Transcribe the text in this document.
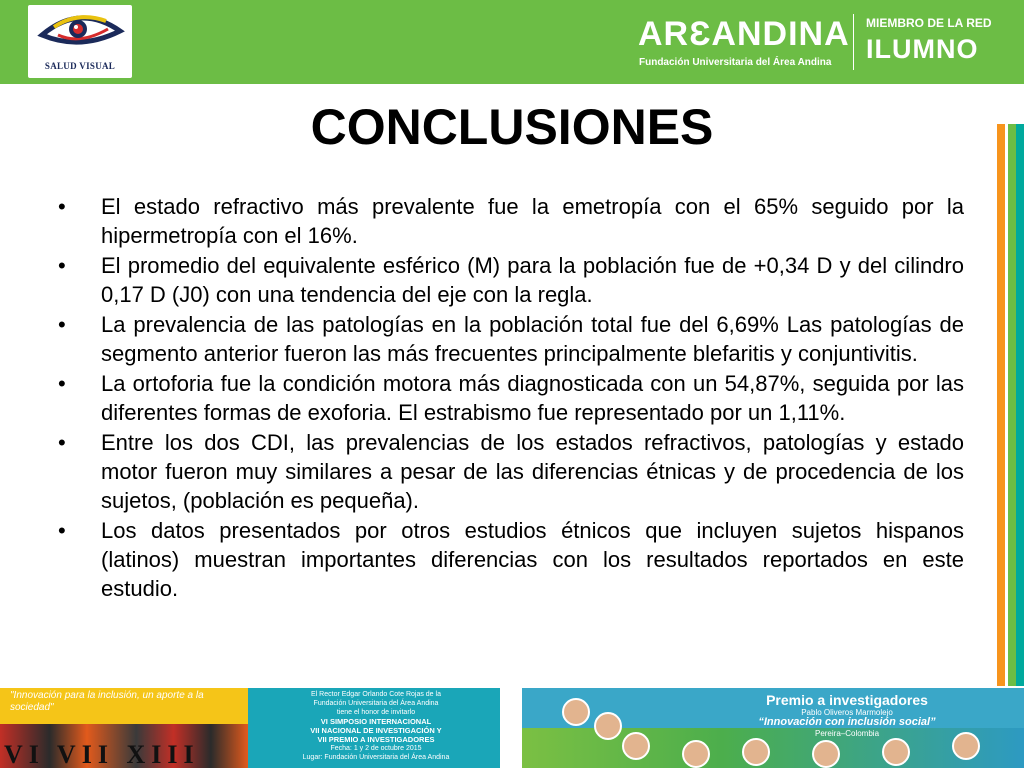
SALUD VISUAL
ARƐANDINA
Fundación Universitaria del Área Andina
MIEMBRO DE LA RED
ILUMNO
CONCLUSIONES
• El estado refractivo más prevalente fue la emetropía con el 65% seguido por la hipermetropía con el 16%.
• El promedio del equivalente esférico (M) para la población fue de +0,34 D y del cilindro 0,17 D (J0) con una tendencia del eje con la regla.
• La prevalencia de las patologías en la población total fue del 6,69% Las patologías de segmento anterior fueron las más frecuentes principalmente blefaritis y conjuntivitis.
• La ortoforia fue la condición motora más diagnosticada con un 54,87%, seguida por las diferentes formas de exoforia. El estrabismo fue representado por un 1,11%.
• Entre los dos CDI, las prevalencias de los estados refractivos, patologías y estado motor fueron muy similares a pesar de las diferencias étnicas y de procedencia de los sujetos, (población es pequeña).
• Los datos presentados por otros estudios étnicos que incluyen sujetos hispanos (latinos) muestran importantes diferencias con los resultados reportados en este estudio.
"Innovación para la inclusión, un aporte a la sociedad"
VI VII XIII
El Rector Edgar Orlando Cote Rojas de la
Fundación Universitaria del Área Andina
tiene el honor de invitarlo
VI SIMPOSIO INTERNACIONAL
VII NACIONAL DE INVESTIGACIÓN Y
VII PREMIO A INVESTIGADORES
Fecha: 1 y 2 de octubre 2015
Lugar: Fundación Universitaria del Área Andina
Premio a investigadores
Pablo Oliveros Marmolejo
“Innovación con inclusión social”
Pereira–Colombia
